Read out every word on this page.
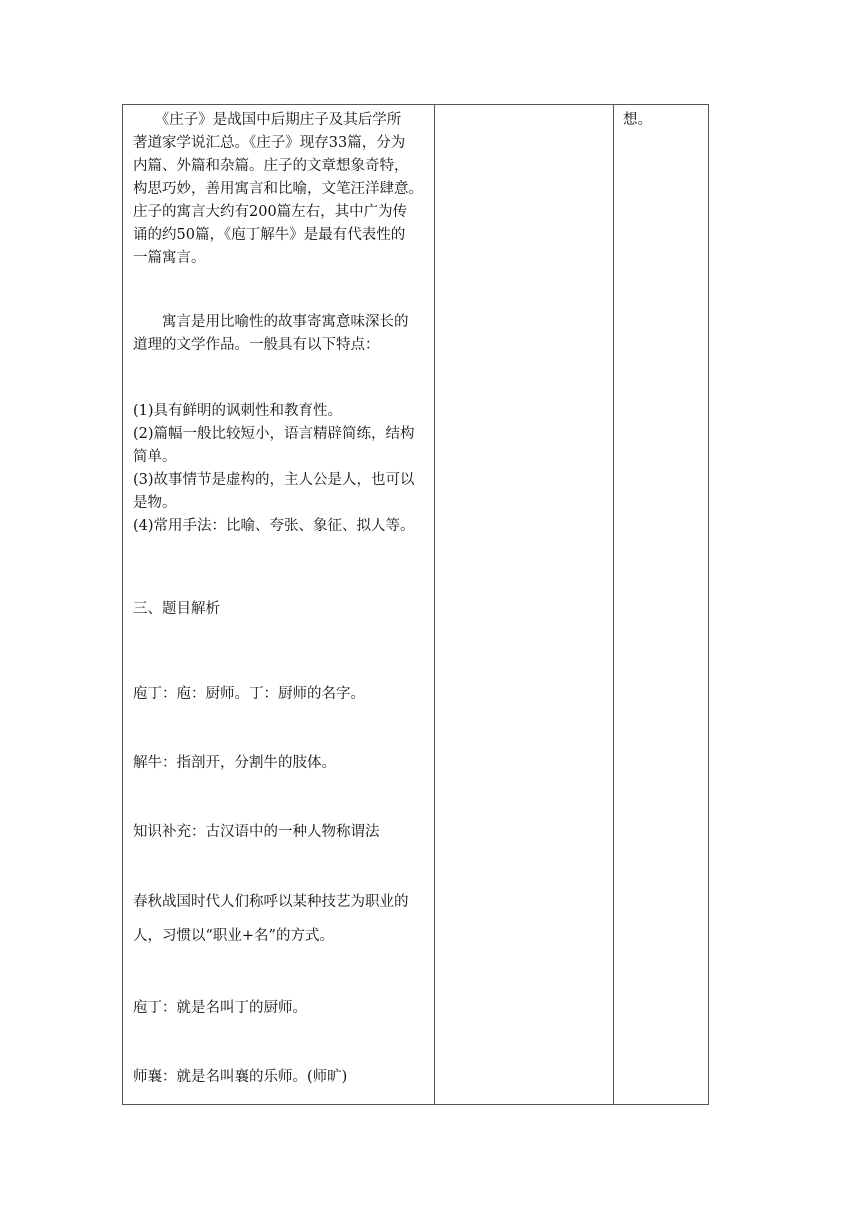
　　《庄子》是战国中后期庄子及其后学所
著道家学说汇总。《庄子》现存33篇，分为
内篇、外篇和杂篇。庄子的文章想象奇特，
构思巧妙，善用寓言和比喻，文笔汪洋肆意。
庄子的寓言大约有200篇左右，其中广为传
诵的约50篇，《庖丁解牛》是最有代表性的
一篇寓言。
　　寓言是用比喻性的故事寄寓意味深长的
道理的文学作品。一般具有以下特点：
(1)具有鲜明的讽刺性和教育性。
(2)篇幅一般比较短小，语言精辟简练，结构
简单。
(3)故事情节是虚构的，主人公是人，也可以
是物。
(4)常用手法：比喻、夸张、象征、拟人等。
三、题目解析
庖丁：庖：厨师。丁：厨师的名字。
解牛：指剖开，分割牛的肢体。
知识补充：古汉语中的一种人物称谓法
春秋战国时代人们称呼以某种技艺为职业的
人，习惯以“职业+名”的方式。
庖丁：就是名叫丁的厨师。
师襄：就是名叫襄的乐师。(师旷)
想。
